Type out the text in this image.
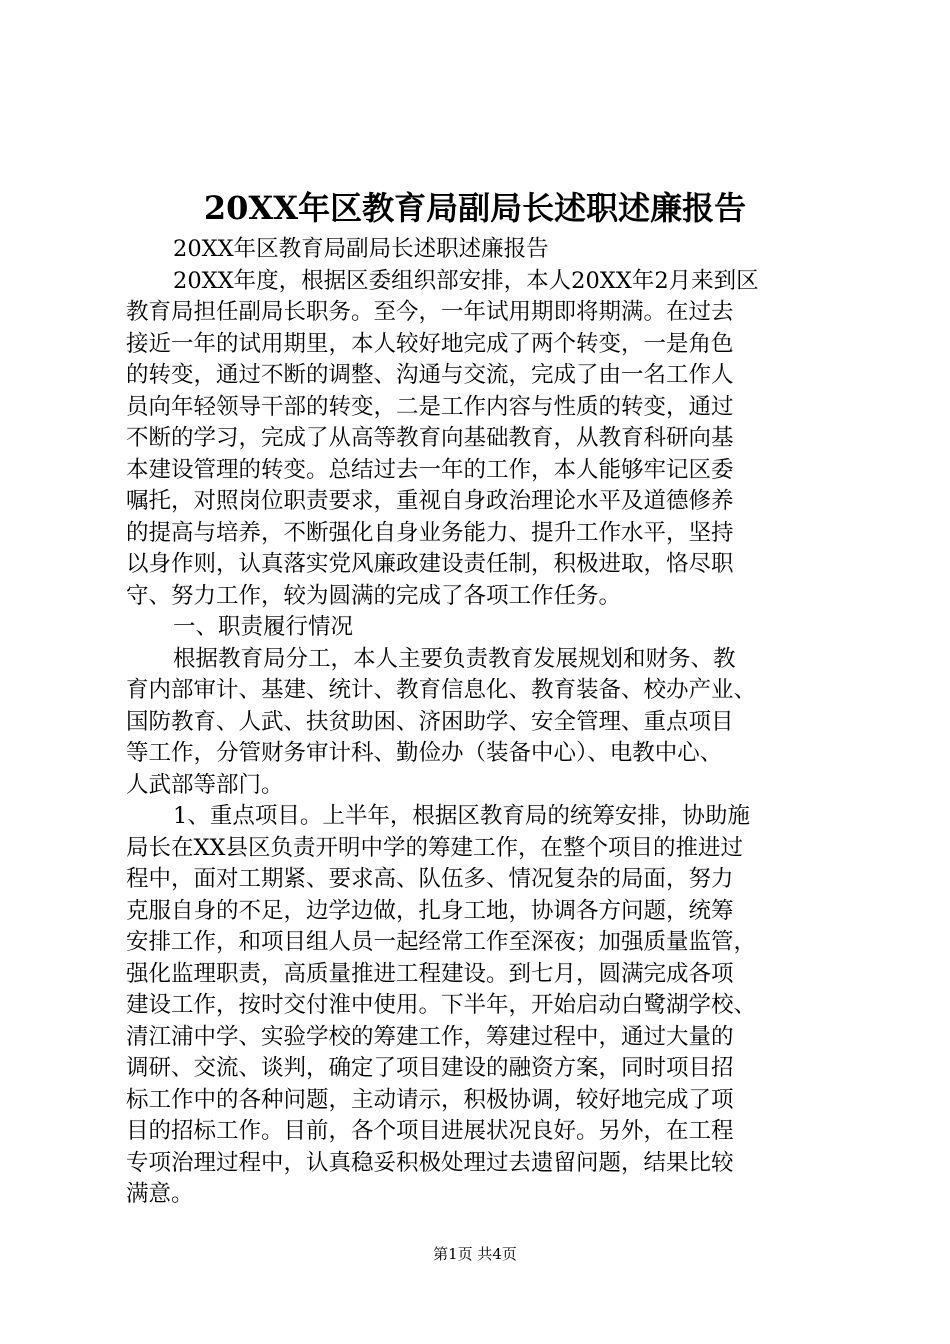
20XX年区教育局副局长述职述廉报告
20XX年区教育局副局长述职述廉报告
20XX年度，根据区委组织部安排，本人20XX年2月来到区
教育局担任副局长职务。至今，一年试用期即将期满。在过去
接近一年的试用期里，本人较好地完成了两个转变，一是角色
的转变，通过不断的调整、沟通与交流，完成了由一名工作人
员向年轻领导干部的转变，二是工作内容与性质的转变，通过
不断的学习，完成了从高等教育向基础教育，从教育科研向基
本建设管理的转变。总结过去一年的工作，本人能够牢记区委
嘱托，对照岗位职责要求，重视自身政治理论水平及道德修养
的提高与培养，不断强化自身业务能力、提升工作水平，坚持
以身作则，认真落实党风廉政建设责任制，积极进取，恪尽职
守、努力工作，较为圆满的完成了各项工作任务。
一、职责履行情况
根据教育局分工，本人主要负责教育发展规划和财务、教
育内部审计、基建、统计、教育信息化、教育装备、校办产业、
国防教育、人武、扶贫助困、济困助学、安全管理、重点项目
等工作，分管财务审计科、勤俭办（装备中心）、电教中心、
人武部等部门。
1、重点项目。上半年，根据区教育局的统筹安排，协助施
局长在XX县区负责开明中学的筹建工作，在整个项目的推进过
程中，面对工期紧、要求高、队伍多、情况复杂的局面，努力
克服自身的不足，边学边做，扎身工地，协调各方问题，统筹
安排工作，和项目组人员一起经常工作至深夜；加强质量监管，
强化监理职责，高质量推进工程建设。到七月，圆满完成各项
建设工作，按时交付淮中使用。下半年，开始启动白鹭湖学校、
清江浦中学、实验学校的筹建工作，筹建过程中，通过大量的
调研、交流、谈判，确定了项目建设的融资方案，同时项目招
标工作中的各种问题，主动请示，积极协调，较好地完成了项
目的招标工作。目前，各个项目进展状况良好。另外，在工程
专项治理过程中，认真稳妥积极处理过去遗留问题，结果比较
满意。
第1页 共4页
